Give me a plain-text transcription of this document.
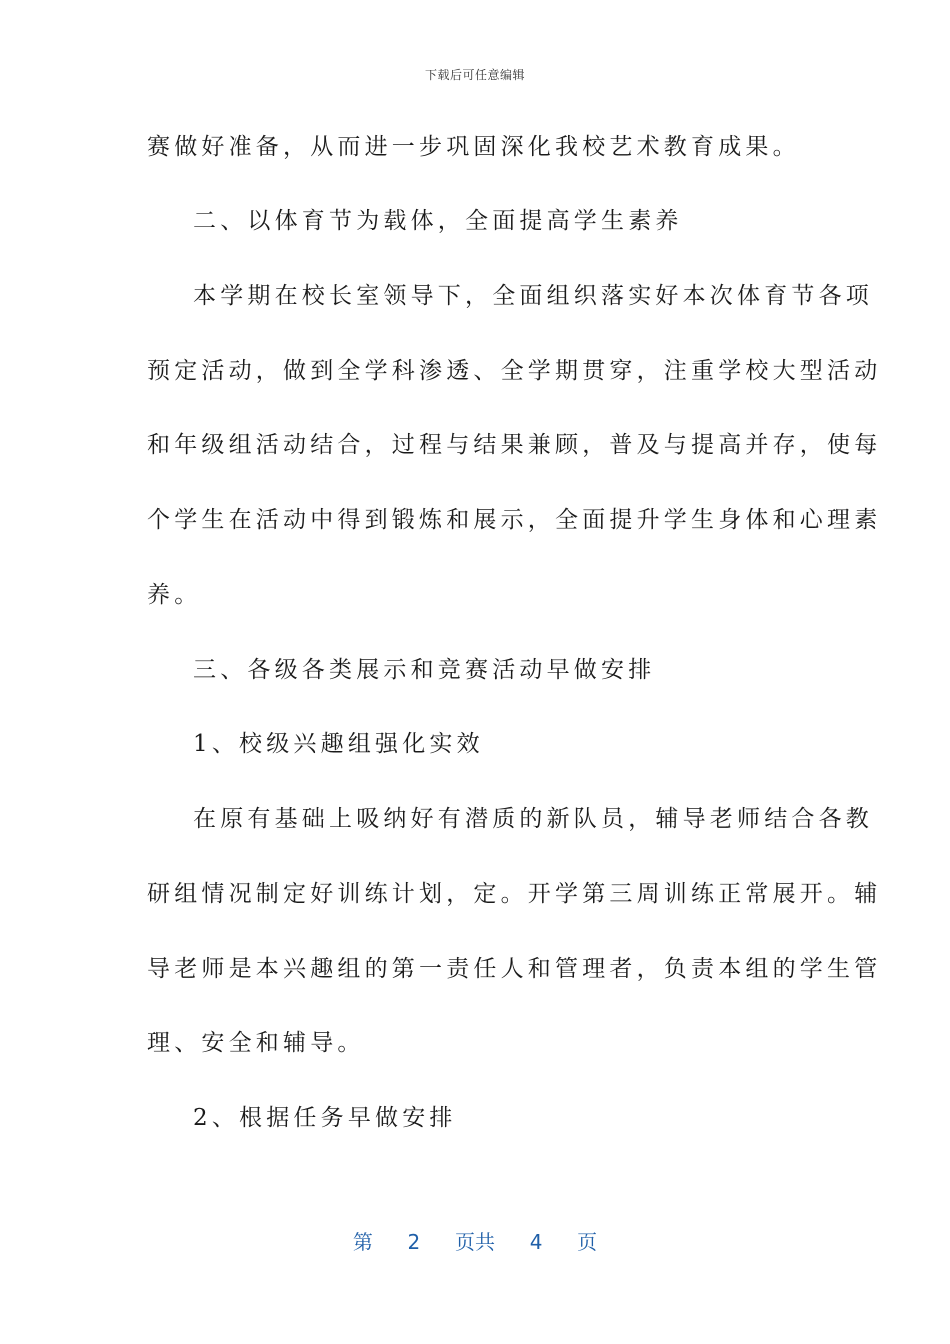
下载后可任意编辑
赛做好准备，从而进一步巩固深化我校艺术教育成果。
二、以体育节为载体，全面提高学生素养
本学期在校长室领导下，全面组织落实好本次体育节各项
预定活动，做到全学科渗透、全学期贯穿，注重学校大型活动
和年级组活动结合，过程与结果兼顾，普及与提高并存，使每
个学生在活动中得到锻炼和展示，全面提升学生身体和心理素
养。
三、各级各类展示和竞赛活动早做安排
1、校级兴趣组强化实效
在原有基础上吸纳好有潜质的新队员，辅导老师结合各教
研组情况制定好训练计划，定。开学第三周训练正常展开。辅
导老师是本兴趣组的第一责任人和管理者，负责本组的学生管
理、安全和辅导。
2、根据任务早做安排
第 2 页共 4 页
